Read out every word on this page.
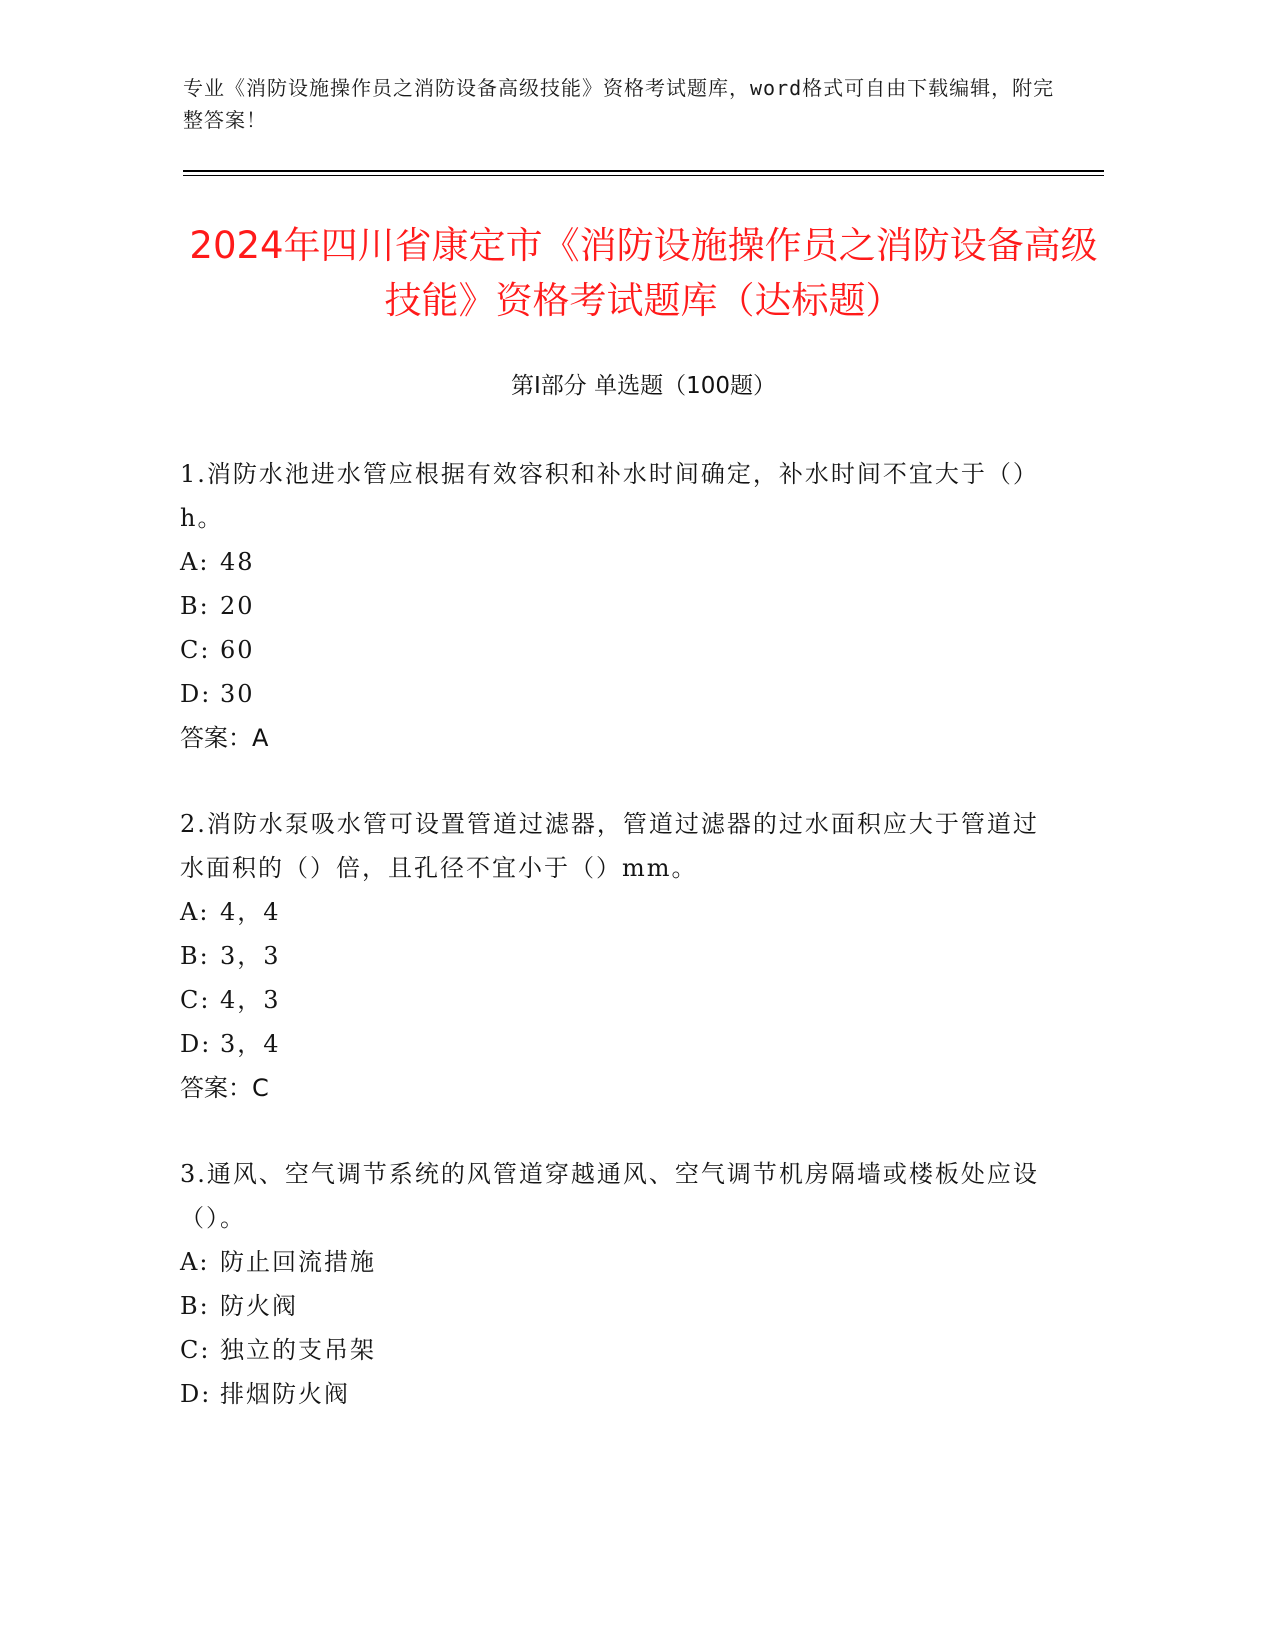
专业《消防设施操作员之消防设备高级技能》资格考试题库，word格式可自由下载编辑，附完整答案！
2024年四川省康定市《消防设施操作员之消防设备高级技能》资格考试题库（达标题）
第Ⅰ部分 单选题（100题）
1.消防水池进水管应根据有效容积和补水时间确定，补水时间不宜大于（）h。
A: 48
B: 20
C: 60
D: 30
答案：A
2.消防水泵吸水管可设置管道过滤器，管道过滤器的过水面积应大于管道过水面积的（）倍，且孔径不宜小于（）mm。
A: 4，4
B: 3，3
C: 4，3
D: 3，4
答案：C
3.通风、空气调节系统的风管道穿越通风、空气调节机房隔墙或楼板处应设（）。
A: 防止回流措施
B: 防火阀
C: 独立的支吊架
D: 排烟防火阀
